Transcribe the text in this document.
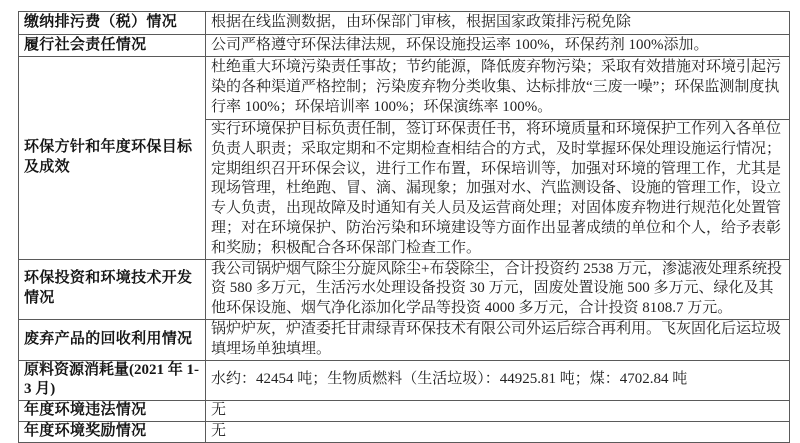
缴纳排污费（税）情况	根据在线监测数据，由环保部门审核，根据国家政策排污税免除
履行社会责任情况	公司严格遵守环保法律法规，环保设施投运率 100%，环保药剂 100%添加。
环保方针和年度环保目标及成效	杜绝重大环境污染责任事故；节约能源，降低废弃物污染；采取有效措施对环境引起污染的各种渠道严格控制；污染废弃物分类收集、达标排放“三废一噪”；环保监测制度执行率 100%；环保培训率 100%；环保演练率 100%。
	实行环境保护目标负责任制，签订环保责任书，将环境质量和环境保护工作列入各单位负责人职责；采取定期和不定期检查相结合的方式，及时掌握环保处理设施运行情况；定期组织召开环保会议，进行工作布置，环保培训等，加强对环境的管理工作，尤其是现场管理，杜绝跑、冒、滴、漏现象；加强对水、汽监测设备、设施的管理工作，设立专人负责，出现故障及时通知有关人员及运营商处理；对固体废弃物进行规范化处置管理；对在环境保护、防治污染和环境建设等方面作出显著成绩的单位和个人，给予表彰和奖励；积极配合各环保部门检查工作。
环保投资和环境技术开发情况	我公司锅炉烟气除尘分旋风除尘+布袋除尘，合计投资约 2538 万元，渗滤液处理系统投资 580 多万元，生活污水处理设备投资 30 万元，固废处置设施 500 多万元、绿化及其他环保设施、烟气净化添加化学品等投资 4000 多万元，合计投资 8108.7 万元。
废弃产品的回收利用情况	锅炉炉灰，炉渣委托甘肃绿青环保技术有限公司外运后综合再利用。飞灰固化后运垃圾填埋场单独填埋。
原料资源消耗量(2021 年 1-3 月)	水约：42454 吨；生物质燃料（生活垃圾）：44925.81 吨；煤：4702.84 吨
年度环境违法情况	无
年度环境奖励情况	无
